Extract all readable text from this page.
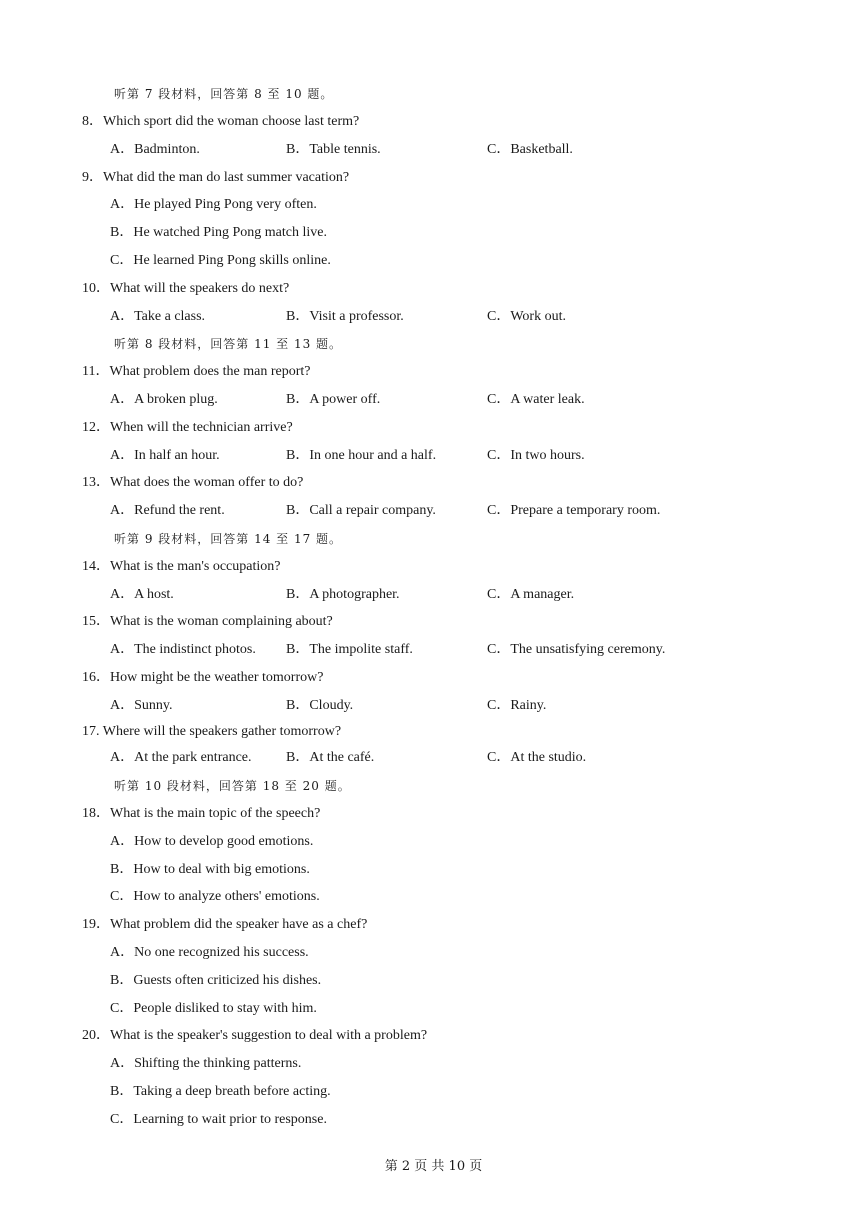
听第 7 段材料，回答第 8 至 10 题。
8．Which sport did the woman choose last term?
A．Badminton.	B．Table tennis.	C．Basketball.
9．What did the man do last summer vacation?
A．He played Ping Pong very often.
B．He watched Ping Pong match live.
C．He learned Ping Pong skills online.
10．What will the speakers do next?
A．Take a class.	B．Visit a professor.	C．Work out.
听第 8 段材料，回答第 11 至 13 题。
11．What problem does the man report?
A．A broken plug.	B．A power off.	C．A water leak.
12．When will the technician arrive?
A．In half an hour.	B．In one hour and a half.	C．In two hours.
13．What does the woman offer to do?
A．Refund the rent.	B．Call a repair company.	C．Prepare a temporary room.
听第 9 段材料，回答第 14 至 17 题。
14．What is the man's occupation?
A．A host.	B．A photographer.	C．A manager.
15．What is the woman complaining about?
A．The indistinct photos. B．The impolite staff.	C．The unsatisfying ceremony.
16．How might be the weather tomorrow?
A．Sunny.	B．Cloudy.	C．Rainy.
17. Where will the speakers gather tomorrow?
A．At the park entrance. B．At the café.	C．At the studio.
听第 10 段材料，回答第 18 至 20 题。
18．What is the main topic of the speech?
A．How to develop good emotions.
B．How to deal with big emotions.
C．How to analyze others' emotions.
19．What problem did the speaker have as a chef?
A．No one recognized his success.
B．Guests often criticized his dishes.
C．People disliked to stay with him.
20．What is the speaker's suggestion to deal with a problem?
A．Shifting the thinking patterns.
B．Taking a deep breath before acting.
C．Learning to wait prior to response.
第 2 页 共 10 页
